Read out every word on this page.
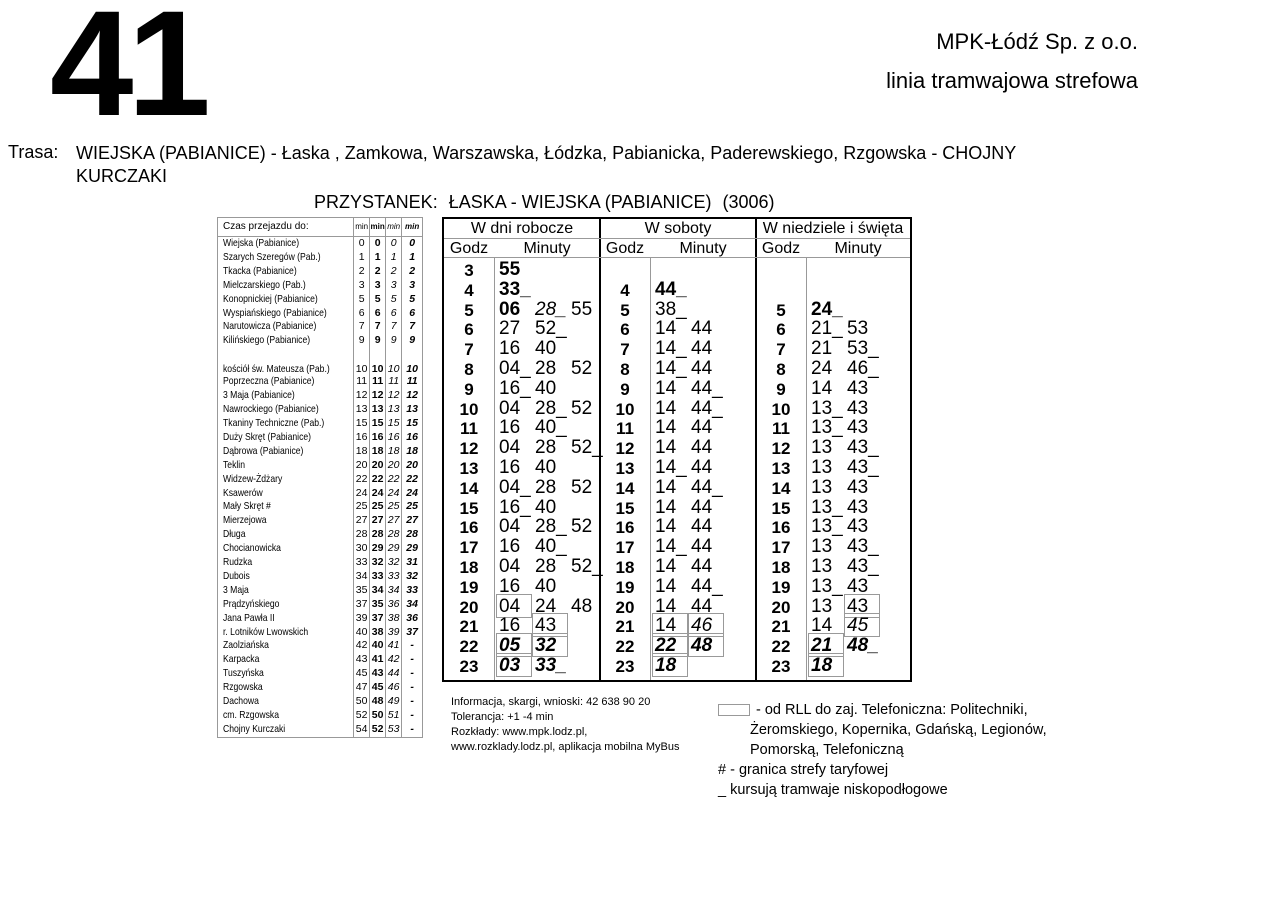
41	MPK-Łódź Sp. z o.o.
linia tramwajowa strefowa
Trasa: WIEJSKA (PABIANICE) - Łaska , Zamkowa, Warszawska, Łódzka, Pabianicka, Paderewskiego, Rzgowska - CHOJNY KURCZAKI
PRZYSTANEK: ŁASKA - WIEJSKA (PABIANICE) (3006)
Czas przejazdu do:	min	min	min	min
Wiejska (Pabianice)	0	0	0	0
Szarych Szeregów (Pab.)	1	1	1	1
Tkacka (Pabianice)	2	2	2	2
Mielczarskiego (Pab.)	3	3	3	3
Konopnickiej (Pabianice)	5	5	5	5
Wyspiańskiego (Pabianice)	6	6	6	6
Narutowicza (Pabianice)	7	7	7	7
Kilińskiego (Pabianice)	9	9	9	9
kościół św. Mateusza (Pab.)	10	10	10	10
Poprzeczna (Pabianice)	11	11	11	11
3 Maja (Pabianice)	12	12	12	12
Nawrockiego (Pabianice)	13	13	13	13
Tkaniny Techniczne (Pab.)	15	15	15	15
Duży Skręt (Pabianice)	16	16	16	16
Dąbrowa (Pabianice)	18	18	18	18
Teklin	20	20	20	20
Widzew-Żdżary	22	22	22	22
Ksawerów	24	24	24	24
Mały Skręt #	25	25	25	25
Mierzejowa	27	27	27	27
Długa	28	28	28	28
Chocianowicka	30	29	29	29
Rudzka	33	32	32	31
Dubois	34	33	33	32
3 Maja	35	34	34	33
Prądzyńskiego	37	35	36	34
Jana Pawła II	39	37	38	36
r. Lotników Lwowskich	40	38	39	37
Zaolziańska	42	40	41	-
Karpacka	43	41	42	-
Tuszyńska	45	43	44	-
Rzgowska	47	45	46	-
Dachowa	50	48	49	-
cm. Rzgowska	52	50	51	-
Chojny Kurczaki	54	52	53	-
W dni robocze
Godz	Minuty
3	55
4	33_
5	06 28_ 55
6	27 52_
7	16 40
8	04_ 28 52
9	16_ 40
10	04 28_ 52
11	16 40_
12	04 28 52_
13	16 40
14	04_ 28 52
15	16_ 40
16	04 28_ 52
17	16 40_
18	04 28 52_
19	16 40
20	04 24 48
21	16 43
22	05 32
23	03 33_
W soboty
Godz	Minuty
4	44_
5	38_
6	14 44
7	14_ 44
8	14_ 44
9	14 44_
10	14 44_
11	14 44
12	14 44
13	14_ 44
14	14 44_
15	14 44
16	14 44
17	14_ 44
18	14 44
19	14 44_
20	14 44
21	14 46
22	22 48
23	18
W niedziele i święta
Godz	Minuty
5	24_
6	21_ 53
7	21 53_
8	24 46_
9	14 43
10	13_ 43
11	13_ 43
12	13 43_
13	13 43_
14	13 43
15	13_ 43
16	13_ 43
17	13 43_
18	13 43_
19	13_ 43
20	13 43
21	14 45
22	21 48_
23	18
Informacja, skargi, wnioski: 42 638 90 20
Tolerancja: +1 -4 min
Rozkłady: www.mpk.lodz.pl,
www.rozklady.lodz.pl, aplikacja mobilna MyBus
- od RLL do zaj. Telefoniczna: Politechniki,
Żeromskiego, Kopernika, Gdańską, Legionów,
Pomorską, Telefoniczną
# - granica strefy taryfowej
_ kursują tramwaje niskopodłogowe
